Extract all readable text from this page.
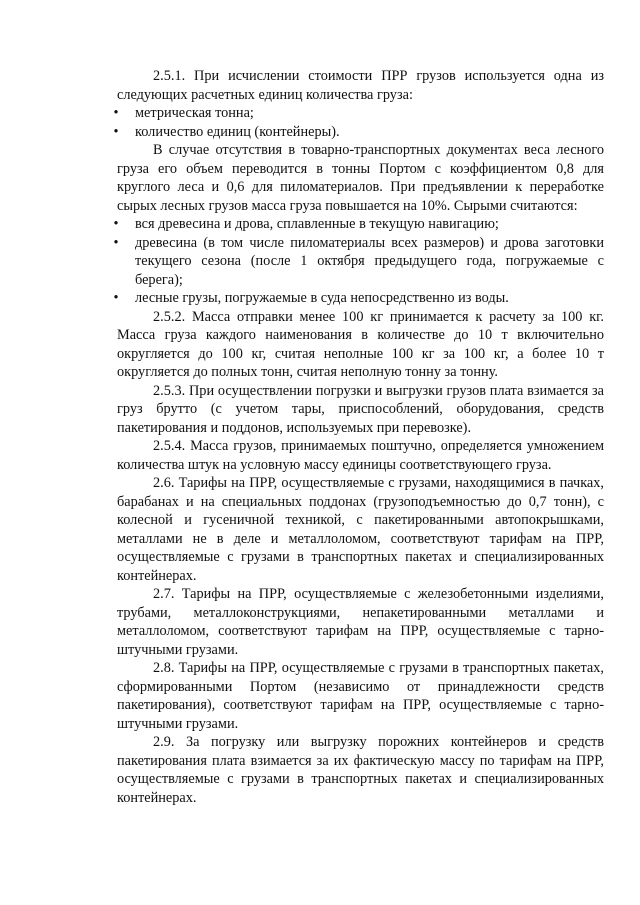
2.5.1. При исчислении стоимости ПРР грузов используется одна из следующих расчетных единиц количества груза:

•	метрическая тонна;
•	количество единиц (контейнеры).

В случае отсутствия в товарно-транспортных документах веса лесного груза его объем переводится в тонны Портом с коэффициентом 0,8 для круглого леса и 0,6 для пиломатериалов. При предъявлении к переработке сырых лесных грузов масса груза повышается на 10%. Сырыми считаются:

•	вся древесина и дрова, сплавленные в текущую навигацию;
•	древесина (в том числе пиломатериалы всех размеров) и дрова заготовки текущего сезона (после 1 октября предыдущего года, погружаемые с берега);
•	лесные грузы, погружаемые в суда непосредственно из воды.

2.5.2. Масса отправки менее 100 кг принимается к расчету за 100 кг. Масса груза каждого наименования в количестве до 10 т включительно округляется до 100 кг, считая неполные 100 кг за 100 кг, а более 10 т округляется до полных тонн, считая неполную тонну за тонну.

2.5.3. При осуществлении погрузки и выгрузки грузов плата взимается за груз брутто (с учетом тары, приспособлений, оборудования, средств пакетирования и поддонов, используемых при перевозке).

2.5.4. Масса грузов, принимаемых поштучно, определяется умножением количества штук на условную массу единицы соответствующего груза.

2.6. Тарифы на ПРР, осуществляемые с грузами, находящимися в пачках, барабанах и на специальных поддонах (грузоподъемностью до 0,7 тонн), с колесной и гусеничной техникой, с пакетированными автопокрышками, металлами не в деле и металлоломом, соответствуют тарифам на ПРР, осуществляемые с грузами в транспортных пакетах и специализированных контейнерах.

2.7. Тарифы на ПРР, осуществляемые с железобетонными изделиями, трубами, металлоконструкциями, непакетированными металлами и металлоломом, соответствуют тарифам на ПРР, осуществляемые с тарно-штучными грузами.

2.8. Тарифы на ПРР, осуществляемые с грузами в транспортных пакетах, сформированными Портом (независимо от принадлежности средств пакетирования), соответствуют тарифам на ПРР, осуществляемые с тарно-штучными грузами.

2.9. За погрузку или выгрузку порожних контейнеров и средств пакетирования плата взимается за их фактическую массу по тарифам на ПРР, осуществляемые с грузами в транспортных пакетах и специализированных контейнерах.
